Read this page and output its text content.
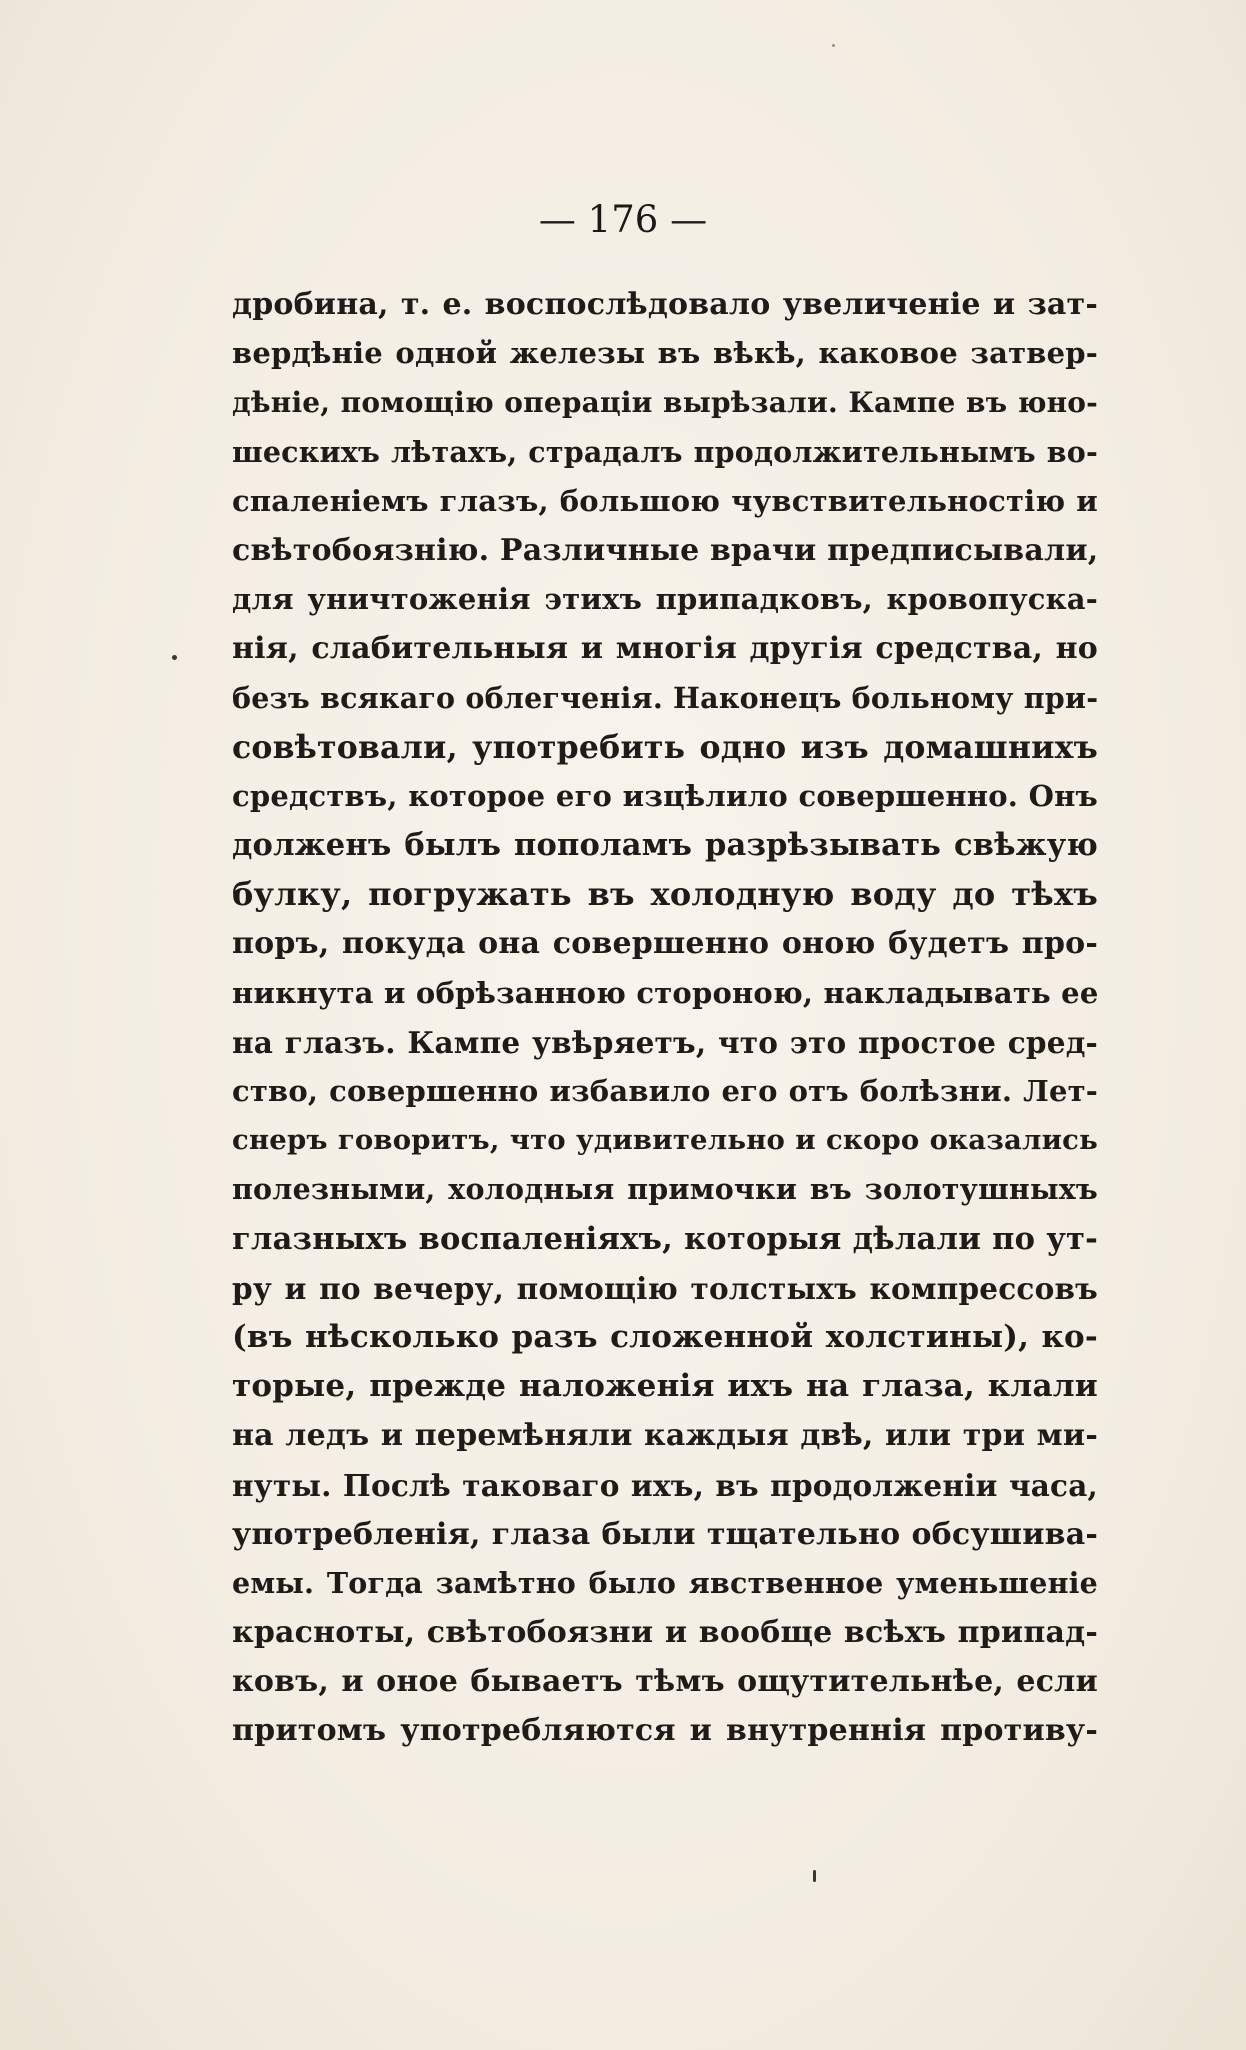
— 176 —
дробина, т. е. воспослѣдовало увеличеніе и зат-
вердѣніе одной железы въ вѣкѣ, каковое затвер-
дѣніе, помощію операціи вырѣзали. Кампе въ юно-
шескихъ лѣтахъ, страдалъ продолжительнымъ во-
спаленіемъ глазъ, большою чувствительностію и
свѣтобоязнію. Различные врачи предписывали,
для уничтоженія этихъ припадковъ, кровопуска-
нія, слабительныя и многія другія средства, но
безъ всякаго облегченія. Наконецъ больному при-
совѣтовали, употребить одно изъ домашнихъ
средствъ, которое его изцѣлило совершенно. Онъ
долженъ былъ пополамъ разрѣзывать свѣжую
булку, погружать въ холодную воду до тѣхъ
поръ, покуда она совершенно оною будетъ про-
никнута и обрѣзанною стороною, накладывать ее
на глазъ. Кампе увѣряетъ, что это простое сред-
ство, совершенно избавило его отъ болѣзни. Лет-
снеръ говоритъ, что удивительно и скоро оказались
полезными, холодныя примочки въ золотушныхъ
глазныхъ воспаленіяхъ, которыя дѣлали по ут-
ру и по вечеру, помощію толстыхъ компрессовъ
(въ нѣсколько разъ сложенной холстины), ко-
торые, прежде наложенія ихъ на глаза, клали
на ледъ и перемѣняли каждыя двѣ, или три ми-
нуты. Послѣ таковаго ихъ, въ продолженіи часа,
употребленія, глаза были тщательно обсушива-
емы. Тогда замѣтно было явственное уменьшеніе
красноты, свѣтобоязни и вообще всѣхъ припад-
ковъ, и оное бываетъ тѣмъ ощутительнѣе, если
притомъ употребляются и внутреннія противу-
